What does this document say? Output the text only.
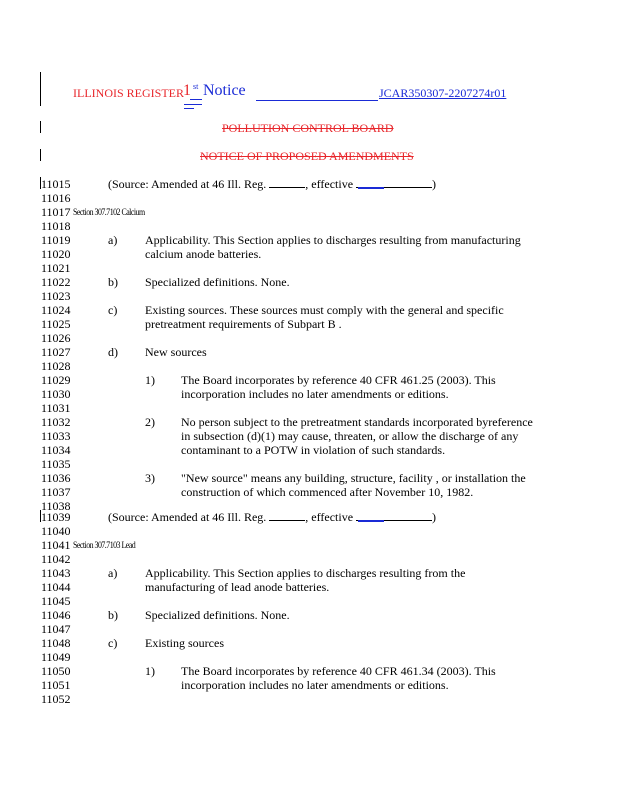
ILLINOIS REGISTER 1 st Notice	JCAR350307-2207274r01
POLLUTION CONTROL BOARD
NOTICE OF PROPOSED AMENDMENTS
11015
11016
11017
11018
11019
11020
11021
11022
11023
11024
11025
11026
11027
11028
11029
11030
11031
11032
11033
11034
11035
11036
11037
11038
11039
11040
11041
11042
11043
11044
11045
11046
11047
11048
11049
11050
11051
11052
(Source: Amended at 46 Ill. Reg.	, effective	)
Section 307.7102 Calcium
a) Applicability. This Section applies to discharges resulting from manufacturing
calcium anode batteries.
b) Specialized definitions. None.
c) Existing sources. These sources must comply with the general and specific
pretreatment requirements of Subpart B .
d) New sources
1) The Board incorporates by reference 40 CFR 461.25 (2003). This
incorporation includes no later amendments or editions.
2) No person subject to the pretreatment standards incorporated byreference
in subsection (d)(1) may cause, threaten, or allow the discharge of any
contaminant to a POTW in violation of such standards.
3) "New source" means any building, structure, facility , or installation the
construction of which commenced after November 10, 1982.
(Source: Amended at 46 Ill. Reg.	, effective	)
Section 307.7103 Lead
a) Applicability. This Section applies to discharges resulting from the
manufacturing of lead anode batteries.
b) Specialized definitions. None.
c) Existing sources
1) The Board incorporates by reference 40 CFR 461.34 (2003). This
incorporation includes no later amendments or editions.
